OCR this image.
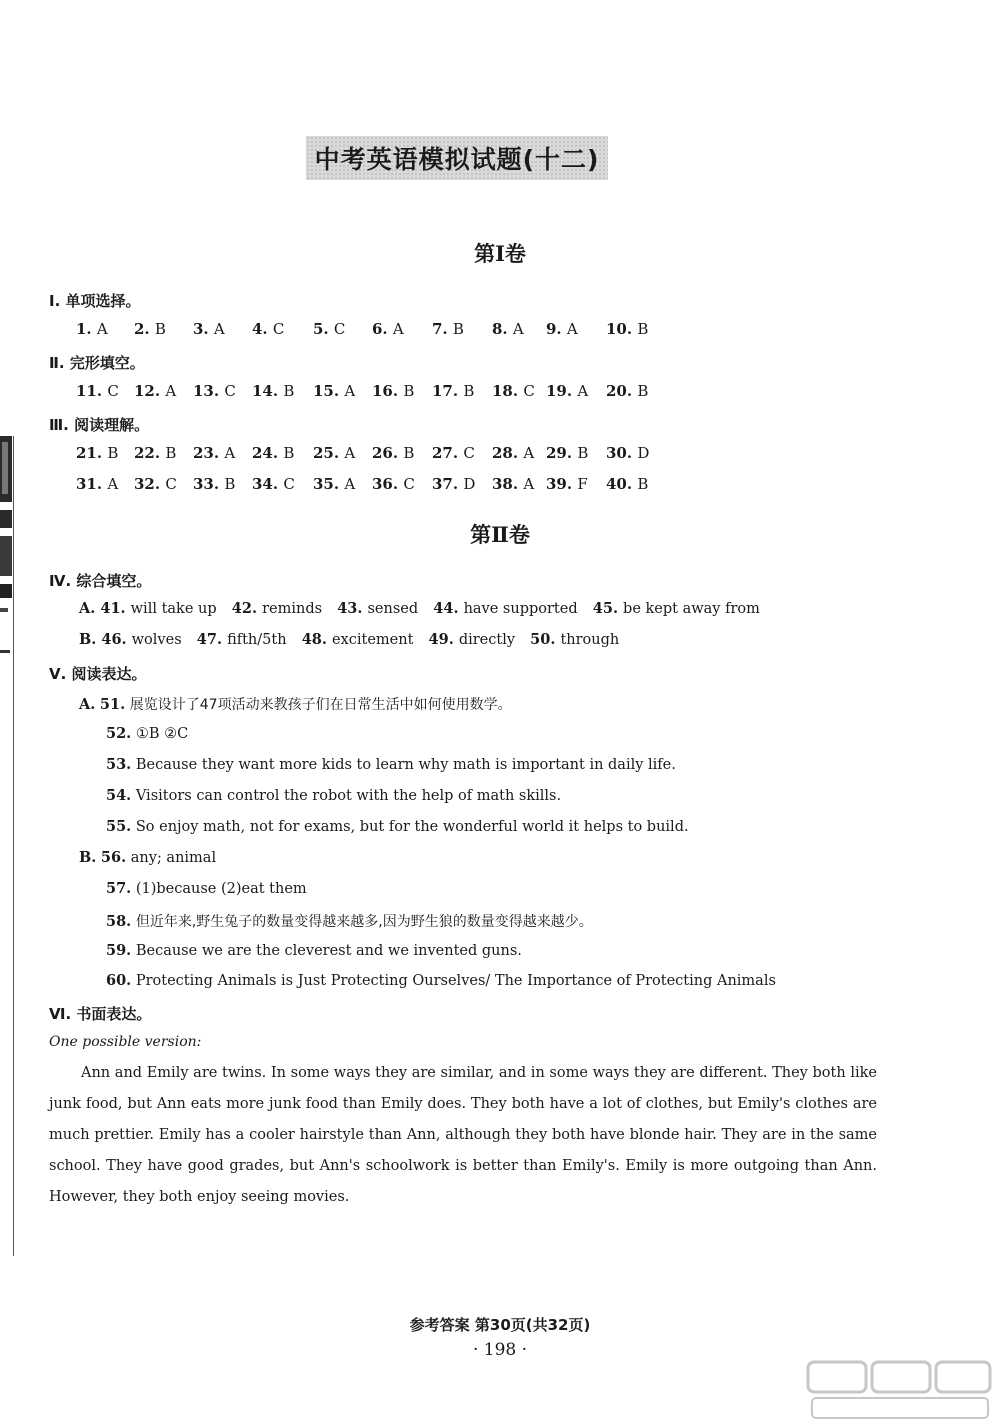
中考英语模拟试题(十二)
第Ⅰ卷
Ⅰ. 单项选择。
1. A 2. B 3. A 4. C 5. C 6. A 7. B 8. A 9. A 10. B
Ⅱ. 完形填空。
11. C 12. A 13. C 14. B 15. A 16. B 17. B 18. C 19. A 20. B
Ⅲ. 阅读理解。
21. B 22. B 23. A 24. B 25. A 26. B 27. C 28. A 29. B 30. D
31. A 32. C 33. B 34. C 35. A 36. C 37. D 38. A 39. F 40. B
第Ⅱ卷
Ⅳ. 综合填空。
A. 41. will take up   42. reminds   43. sensed   44. have supported   45. be kept away from
B. 46. wolves   47. fifth/5th   48. excitement   49. directly   50. through
Ⅴ. 阅读表达。
A. 51. 展览设计了47项活动来教孩子们在日常生活中如何使用数学。
52. ①B ②C
53. Because they want more kids to learn why math is important in daily life.
54. Visitors can control the robot with the help of math skills.
55. So enjoy math, not for exams, but for the wonderful world it helps to build.
B. 56. any; animal
57. (1)because (2)eat them
58. 但近年来,野生兔子的数量变得越来越多,因为野生狼的数量变得越来越少。
59. Because we are the cleverest and we invented guns.
60. Protecting Animals is Just Protecting Ourselves/ The Importance of Protecting Animals
Ⅵ. 书面表达。
One possible version:
Ann and Emily are twins. In some ways they are similar, and in some ways they are different. They both like junk food, but Ann eats more junk food than Emily does. They both have a lot of clothes, but Emily's clothes are much prettier. Emily has a cooler hairstyle than Ann, although they both have blonde hair. They are in the same school. They have good grades, but Ann's schoolwork is better than Emily's. Emily is more outgoing than Ann. However, they both enjoy seeing movies.
参考答案 第30页(共32页)
· 198 ·
